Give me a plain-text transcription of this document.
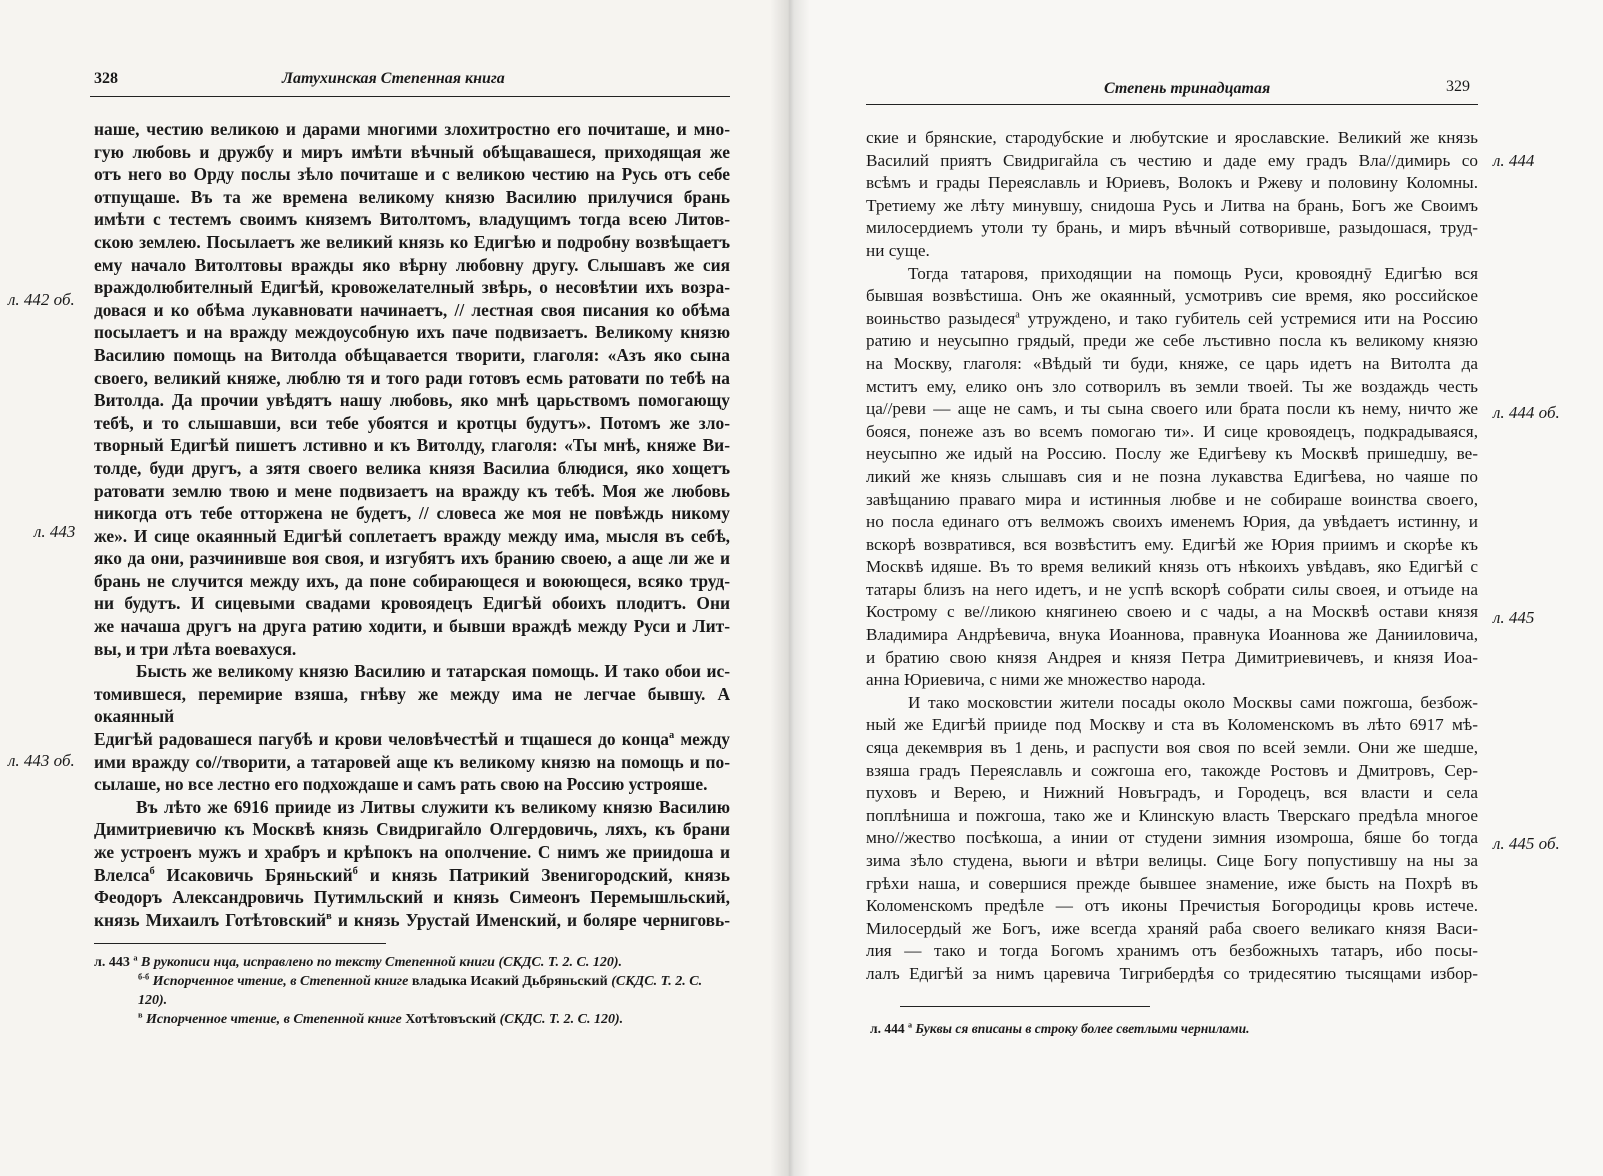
328	Латухинская Степенная книга
л. 442 об.
л. 443
л. 443 об.
наше, честию великою и дарами многими злохитростно его почиташе, и мно-
гую любовь и дружбу и миръ имѣти вѣчный обѣщавашеся, приходящая же
отъ него во Орду послы зѣло почиташе и с великою честию на Русь отъ себе
отпущаше. Въ та же времена великому князю Василию прилучися брань
имѣти с тестемъ своимъ княземъ Витолтомъ, владущимъ тогда всею Литов-
скою землею. Посылаетъ же великий князь ко Едигѣю и подробну возвѣщаетъ
ему начало Витолтовы вражды яко вѣрну любовну другу. Слышавъ же сия
враждолюбителный Едигѣй, кровожелателный звѣрь, о несовѣтии ихъ возра-
довася и ко обѣма лукавновати начинаетъ, // лестная своя писания ко обѣма
посылаетъ и на вражду междоусобную ихъ паче подвизаетъ. Великому князю
Василию помощь на Витолда обѣщавается творити, глаголя: «Азъ яко сына
своего, великий княже, люблю тя и того ради готовъ есмь ратовати по тебѣ на
Витолда. Да прочии увѣдятъ нашу любовь, яко мнѣ царьствомъ помогающу
тебѣ, и то слышавши, вси тебе убоятся и кротцы будутъ». Потомъ же зло-
творный Едигѣй пишетъ лстивно и къ Витолду, глаголя: «Ты мнѣ, княже Ви-
толде, буди другъ, а зятя своего велика князя Василиа блюдися, яко хощетъ
ратовати землю твою и мене подвизаетъ на вражду къ тебѣ. Моя же любовь
никогда отъ тебе отторжена не будетъ, // словеса же моя не повѣждь никому
же». И сице окаянный Едигѣй соплетаетъ вражду между има, мысля въ себѣ,
яко да они, разчинивше воя своя, и изгубятъ ихъ бранию своею, а аще ли же и
брань не случится между ихъ, да поне собирающеся и воюющеся, всяко труд-
ни будутъ. И сицевыми свадами кровоядецъ Едигѣй обоихъ плодитъ. Они
же начаша другъ на друга ратию ходити, и бывши враждѣ между Руси и Лит-
вы, и три лѣта воевахуся.
Бысть же великому князю Василию и татарская помощь. И тако обои ис-
томившеся, перемирие взяша, гнѣву же между има не легчае бывшу. А окаянный
Едигѣй радовашеся пагубѣ и крови человѣчестѣй и тщашеся до конца$^а$ между
ими вражду со//творити, а татаровей аще къ великому князю на помощь и по-
сылаше, но все лестно его подхождаше и самъ рать свою на Россию устрояше.
Въ лѣто же 6916 прииде из Литвы служити къ великому князю Василию
Димитриевичю къ Москвѣ князь Свидригайло Олгердовичь, ляхъ, къ брани
же устроенъ мужъ и храбръ и крѣпокъ на ополчение. С нимъ же приидоша и
Влелса$^б$ Исаковичь Бряньский$^б$ и князь Патрикий Звенигородский, князь
Феодоръ Александровичь Путимльский и князь Симеонъ Перемышльский,
князь Михаилъ Готѣтовский$^в$ и князь Урустай Именский, и боляре черниговь-
л. 443 $^а$ В рукописи нца, исправлено по тексту Степенной книги (СКДС. Т. 2. С. 120).
$^{б-б}$ Испорченное чтение, в Степенной книге владыка Исакий Дьбряньский (СКДС. Т. 2. С. 120).
$^в$ Испорченное чтение, в Степенной книге Хотѣтовъский (СКДС. Т. 2. С. 120).
Степень тринадцатая	329
л. 444
л. 444 об.
л. 445
л. 445 об.
ские и брянские, стародубские и любутские и ярославские. Великий же князь
Василий приятъ Свидригайла съ честию и даде ему градъ Вла//димирь со
всѣмъ и грады Переяславль и Юриевъ, Волокъ и Ржеву и половину Коломны.
Третиему же лѣту минувшу, снидоша Русь и Литва на брань, Богъ же Своимъ
милосердиемъ утоли ту брань, и миръ вѣчный сотворивше, разыдошася, труд-
ни суще.
Тогда татаровя, приходящии на помощь Руси, кровояднӯ Едигѣю вся
бывшая возвѣстиша. Онъ же окаянный, усмотривъ сие время, яко российское
воиньство разыдеся$^а$ утруждено, и тако губитель сей устремися ити на Россию
ратию и неусыпно грядый, преди же себе лъстивно посла къ великому князю
на Москву, глаголя: «Вѣдый ти буди, княже, се царь идетъ на Витолта да
мститъ ему, елико онъ зло сотворилъ въ земли твоей. Ты же воздаждь честь
ца//реви — аще не самъ, и ты сына своего или брата посли къ нему, ничто же
бояся, понеже азъ во всемъ помогаю ти». И сице кровоядецъ, подкрадываяся,
неусыпно же идый на Россию. Послу же Едигѣеву къ Москвѣ пришедшу, ве-
ликий же князь слышавъ сия и не позна лукавства Едигѣева, но чаяше по
завѣщанию праваго мира и истинныя любве и не собираше воинства своего,
но посла единаго отъ велможъ своихъ именемъ Юрия, да увѣдаетъ истинну, и
вскорѣ возвратився, вся возвѣститъ ему. Едигѣй же Юрия приимъ и скорѣе къ
Москвѣ идяше. Въ то время великий князь отъ нѣкоихъ увѣдавъ, яко Едигѣй с
татары близъ на него идетъ, и не успѣ вскорѣ собрати силы своея, и отъиде на
Кострому с ве//ликою княгинею своею и с чады, а на Москвѣ остави князя
Владимира Андрѣевича, внука Иоаннова, правнука Иоаннова же Данииловича,
и братию свою князя Андрея и князя Петра Димитриевичевъ, и князя Иоа-
анна Юриевича, с ними же множество народа.
И тако московстии жители посады около Москвы сами пожгоша, безбож-
ный же Едигѣй прииде под Москву и ста въ Коломенскомъ въ лѣто 6917 мѣ-
сяца декемврия въ 1 день, и распусти воя своя по всей земли. Они же шедше,
взяша градъ Переяславль и сожгоша его, такожде Ростовъ и Дмитровъ, Сер-
пуховъ и Верею, и Нижний Новъградъ, и Городецъ, вся власти и села
поплѣниша и пожгоша, тако же и Клинскую власть Тверскаго предѣла многое
мно//жество посѣкоша, а инии от студени зимния изомроша, бяше бо тогда
зима зѣло студена, вьюги и вѣтри велицы. Сице Богу попустившу на ны за
грѣхи наша, и совершися прежде бывшее знамение, иже бысть на Похрѣ въ
Коломенскомъ предѣле — отъ иконы Пречистыя Богородицы кровь истече.
Милосердый же Богъ, иже всегда храняй раба своего великаго князя Васи-
лия — тако и тогда Богомъ хранимъ отъ безбожныхъ татаръ, ибо посы-
лалъ Едигѣй за нимъ царевича Тигрибердѣя со тридесятию тысящами избор-
л. 444 $^а$ Буквы ся вписаны в строку более светлыми чернилами.
